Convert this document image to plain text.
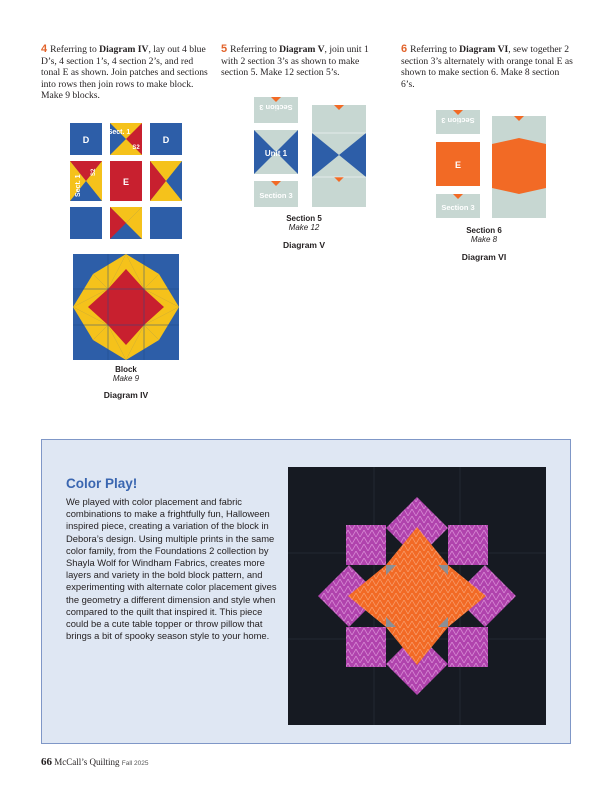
4 Referring to Diagram IV, lay out 4 blue D’s, 4 section 1’s, 4 section 2’s, and red tonal E as shown. Join patches and sections into rows then join rows to make block. Make 9 blocks.
5 Referring to Diagram V, join unit 1 with 2 section 3’s as shown to make section 5. Make 12 section 5’s.
6 Referring to Diagram VI, sew together 2 section 3’s alternately with orange tonal E as shown to make section 6. Make 8 section 6’s.
D
Sect. 1
S2
D
Sect. 1
S2
E
Block
Make 9
Diagram IV
Section 3
Unit 1
Section 3
Section 5
Make 12
Diagram V
Section 3
E
Section 3
Section 6
Make 8
Diagram VI
Color Play!
We played with color placement and fabric combinations to make a frightfully fun, Halloween inspired piece, creating a variation of the block in Debora’s design. Using multiple prints in the same color family, from the Foundations 2 collection by Shayla Wolf for Windham Fabrics, creates more layers and variety in the bold block pattern, and experimenting with alternate color placement gives the geometry a different dimension and style when compared to the quilt that inspired it. This piece could be a cute table topper or throw pillow that brings a bit of spooky season style to your home.
66 McCall’s Quilting Fall 2025
PassionForum.ru
